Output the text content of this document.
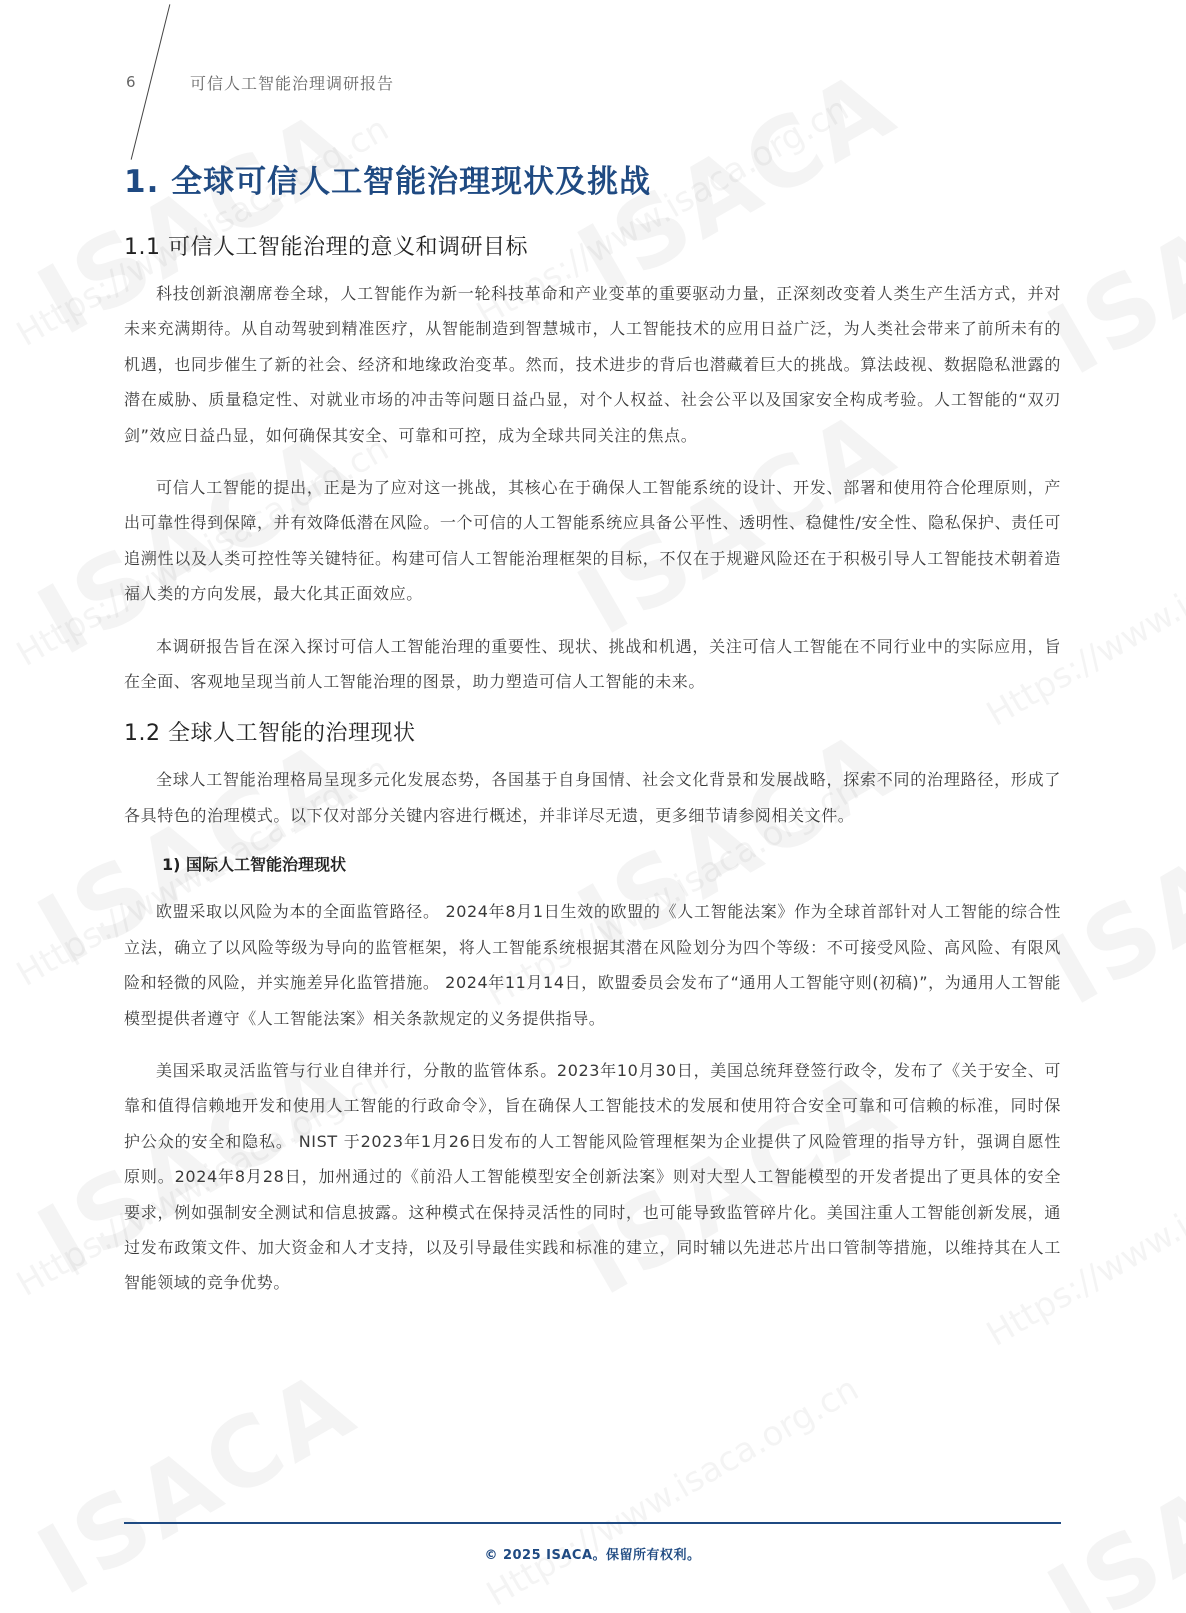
6	可信人工智能治理调研报告
1. 全球可信人工智能治理现状及挑战
1.1 可信人工智能治理的意义和调研目标

科技创新浪潮席卷全球，人工智能作为新一轮科技革命和产业变革的重要驱动力量，正深刻改变着人类生产生活方式，并对未来充满期待。从自动驾驶到精准医疗，从智能制造到智慧城市，人工智能技术的应用日益广泛，为人类社会带来了前所未有的机遇，也同步催生了新的社会、经济和地缘政治变革。然而，技术进步的背后也潜藏着巨大的挑战。算法歧视、数据隐私泄露的潜在威胁、质量稳定性、对就业市场的冲击等问题日益凸显，对个人权益、社会公平以及国家安全构成考验。人工智能的“双刃剑”效应日益凸显，如何确保其安全、可靠和可控，成为全球共同关注的焦点。

可信人工智能的提出，正是为了应对这一挑战，其核心在于确保人工智能系统的设计、开发、部署和使用符合伦理原则，产出可靠性得到保障，并有效降低潜在风险。一个可信的人工智能系统应具备公平性、透明性、稳健性/安全性、隐私保护、责任可追溯性以及人类可控性等关键特征。构建可信人工智能治理框架的目标，不仅在于规避风险还在于积极引导人工智能技术朝着造福人类的方向发展，最大化其正面效应。

本调研报告旨在深入探讨可信人工智能治理的重要性、现状、挑战和机遇，关注可信人工智能在不同行业中的实际应用，旨在全面、客观地呈现当前人工智能治理的图景，助力塑造可信人工智能的未来。

1.2 全球人工智能的治理现状

全球人工智能治理格局呈现多元化发展态势，各国基于自身国情、社会文化背景和发展战略，探索不同的治理路径，形成了各具特色的治理模式。以下仅对部分关键内容进行概述，并非详尽无遗，更多细节请参阅相关文件。

1) 国际人工智能治理现状

欧盟采取以风险为本的全面监管路径。 2024年8月1日生效的欧盟的《人工智能法案》作为全球首部针对人工智能的综合性立法，确立了以风险等级为导向的监管框架，将人工智能系统根据其潜在风险划分为四个等级：不可接受风险、高风险、有限风险和轻微的风险，并实施差异化监管措施。 2024年11月14日，欧盟委员会发布了“通用人工智能守则(初稿)”，为通用人工智能模型提供者遵守《人工智能法案》相关条款规定的义务提供指导。

美国采取灵活监管与行业自律并行，分散的监管体系。2023年10月30日，美国总统拜登签行政令，发布了《关于安全、可靠和值得信赖地开发和使用人工智能的行政命令》，旨在确保人工智能技术的发展和使用符合安全可靠和可信赖的标准，同时保护公众的安全和隐私。 NIST 于2023年1月26日发布的人工智能风险管理框架为企业提供了风险管理的指导方针，强调自愿性原则。2024年8月28日，加州通过的《前沿人工智能模型安全创新法案》则对大型人工智能模型的开发者提出了更具体的安全要求，例如强制安全测试和信息披露。这种模式在保持灵活性的同时，也可能导致监管碎片化。美国注重人工智能创新发展，通过发布政策文件、加大资金和人才支持，以及引导最佳实践和标准的建立，同时辅以先进芯片出口管制等措施，以维持其在人工智能领域的竞争优势。

© 2025 ISACA。保留所有权利。
